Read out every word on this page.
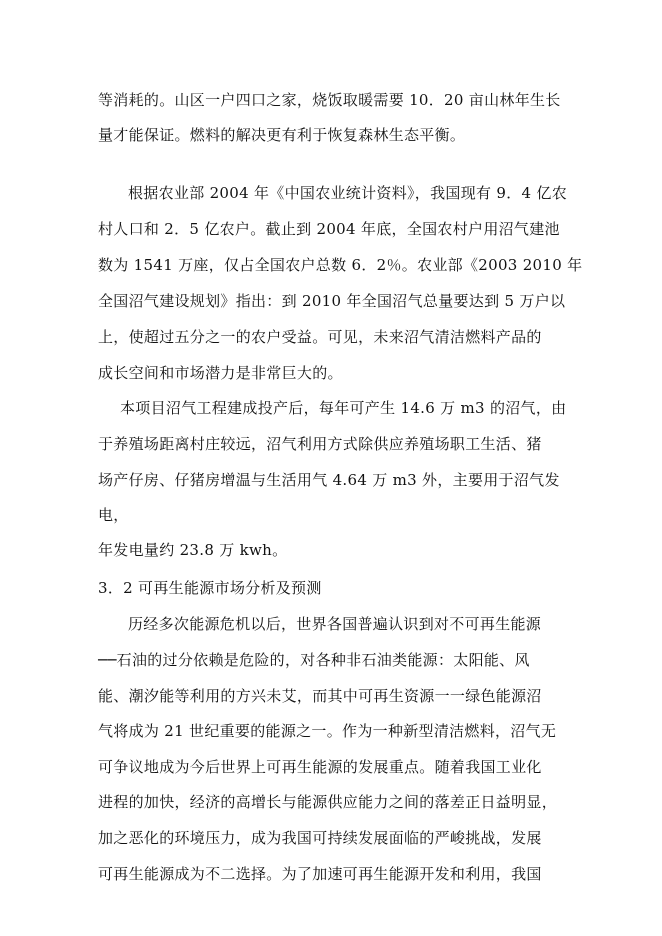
等消耗的。山区一户四口之家，烧饭取暖需要 10．20 亩山林年生长
量才能保证。燃料的解决更有利于恢复森林生态平衡。
根据农业部 2004 年《中国农业统计资料》，我国现有 9．4 亿农
村人口和 2．5 亿农户。截止到 2004 年底，全国农村户用沼气建池
数为 1541 万座，仅占全国农户总数 6．2％。农业部《2003 2010 年
全国沼气建设规划》指出：到 2010 年全国沼气总量要达到 5 万户以
上，使超过五分之一的农户受益。可见，未来沼气清洁燃料产品的
成长空间和市场潜力是非常巨大的。
本项目沼气工程建成投产后，每年可产生 14.6 万 m3 的沼气，由
于养殖场距离村庄较远，沼气利用方式除供应养殖场职工生活、猪
场产仔房、仔猪房增温与生活用气 4.64 万 m3 外，主要用于沼气发
电，
年发电量约 23.8 万 kwh。
3．2 可再生能源市场分析及预测
历经多次能源危机以后，世界各国普遍认识到对不可再生能源
──石油的过分依赖是危险的，对各种非石油类能源：太阳能、风
能、潮汐能等利用的方兴未艾，而其中可再生资源一一绿色能源沼
气将成为 21 世纪重要的能源之一。作为一种新型清洁燃料，沼气无
可争议地成为今后世界上可再生能源的发展重点。随着我国工业化
进程的加快，经济的高增长与能源供应能力之间的落差正日益明显，
加之恶化的环境压力，成为我国可持续发展面临的严峻挑战，发展
可再生能源成为不二选择。为了加速可再生能源开发和利用，我国
